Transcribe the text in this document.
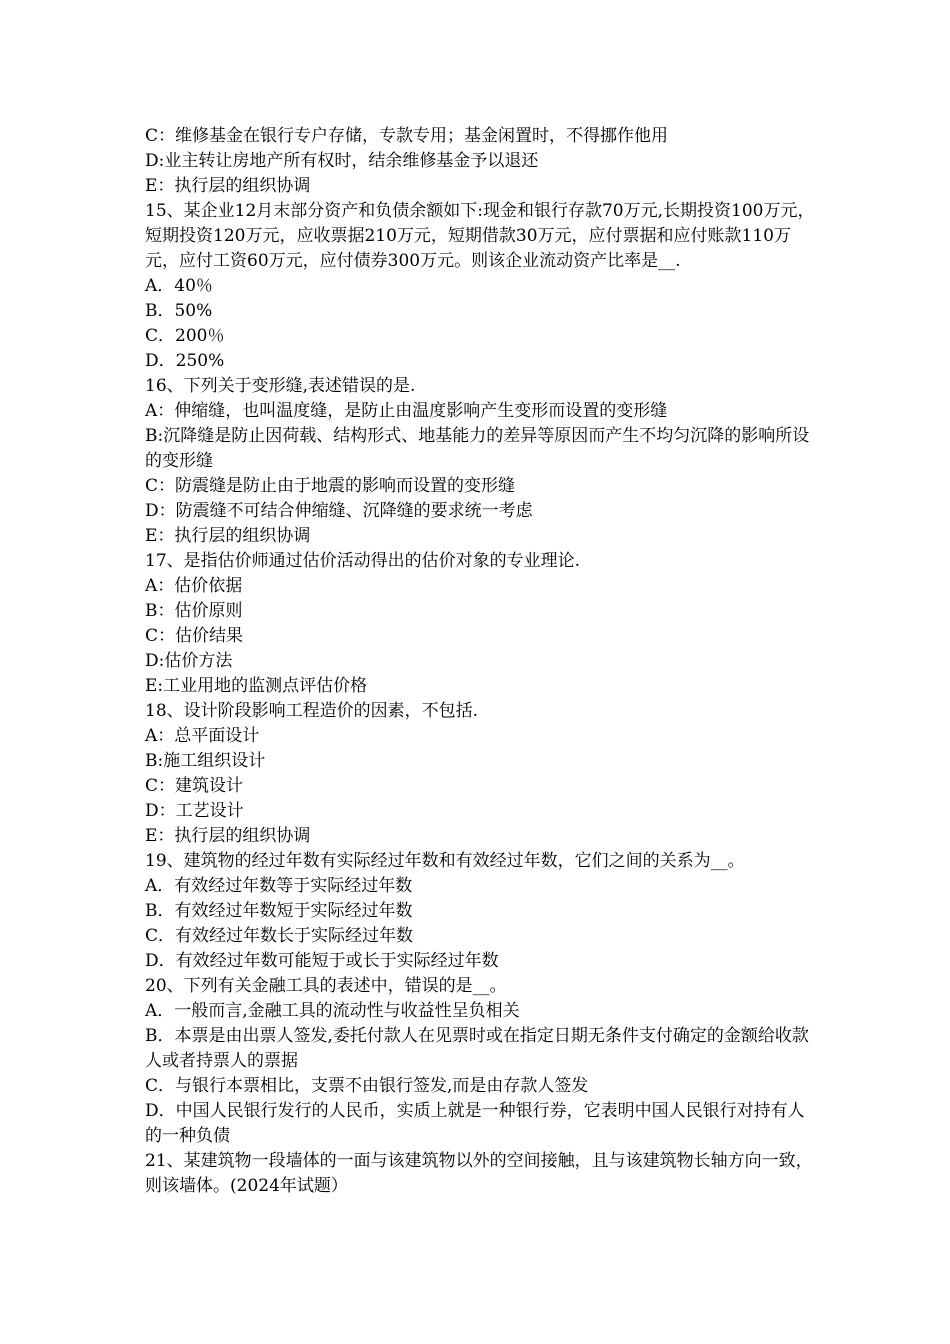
C：维修基金在银行专户存储，专款专用；基金闲置时，不得挪作他用

D:业主转让房地产所有权时，结余维修基金予以退还

E：执行层的组织协调

15、某企业12月末部分资产和负债余额如下:现金和银行存款70万元,长期投资100万元，短期投资120万元，应收票据210万元，短期借款30万元，应付票据和应付账款110万元，应付工资60万元，应付债券300万元。则该企业流动资产比率是__.

A．40％

B．50%

C．200％

D．250%

16、下列关于变形缝,表述错误的是.

A：伸缩缝，也叫温度缝，是防止由温度影响产生变形而设置的变形缝

B:沉降缝是防止因荷载、结构形式、地基能力的差异等原因而产生不均匀沉降的影响所设的变形缝

C：防震缝是防止由于地震的影响而设置的变形缝

D：防震缝不可结合伸缩缝、沉降缝的要求统一考虑

E：执行层的组织协调

17、是指估价师通过估价活动得出的估价对象的专业理论.

A：估价依据

B：估价原则

C：估价结果

D:估价方法

E:工业用地的监测点评估价格

18、设计阶段影响工程造价的因素，不包括.

A：总平面设计

B:施工组织设计

C：建筑设计

D：工艺设计

E：执行层的组织协调

19、建筑物的经过年数有实际经过年数和有效经过年数，它们之间的关系为__。

A．有效经过年数等于实际经过年数

B．有效经过年数短于实际经过年数

C．有效经过年数长于实际经过年数

D．有效经过年数可能短于或长于实际经过年数

20、下列有关金融工具的表述中，错误的是__。

A．一般而言,金融工具的流动性与收益性呈负相关

B．本票是由出票人签发,委托付款人在见票时或在指定日期无条件支付确定的金额给收款人或者持票人的票据

C．与银行本票相比，支票不由银行签发,而是由存款人签发

D．中国人民银行发行的人民币，实质上就是一种银行券，它表明中国人民银行对持有人的一种负债

21、某建筑物一段墙体的一面与该建筑物以外的空间接触，且与该建筑物长轴方向一致，则该墙体。(2024年试题）
